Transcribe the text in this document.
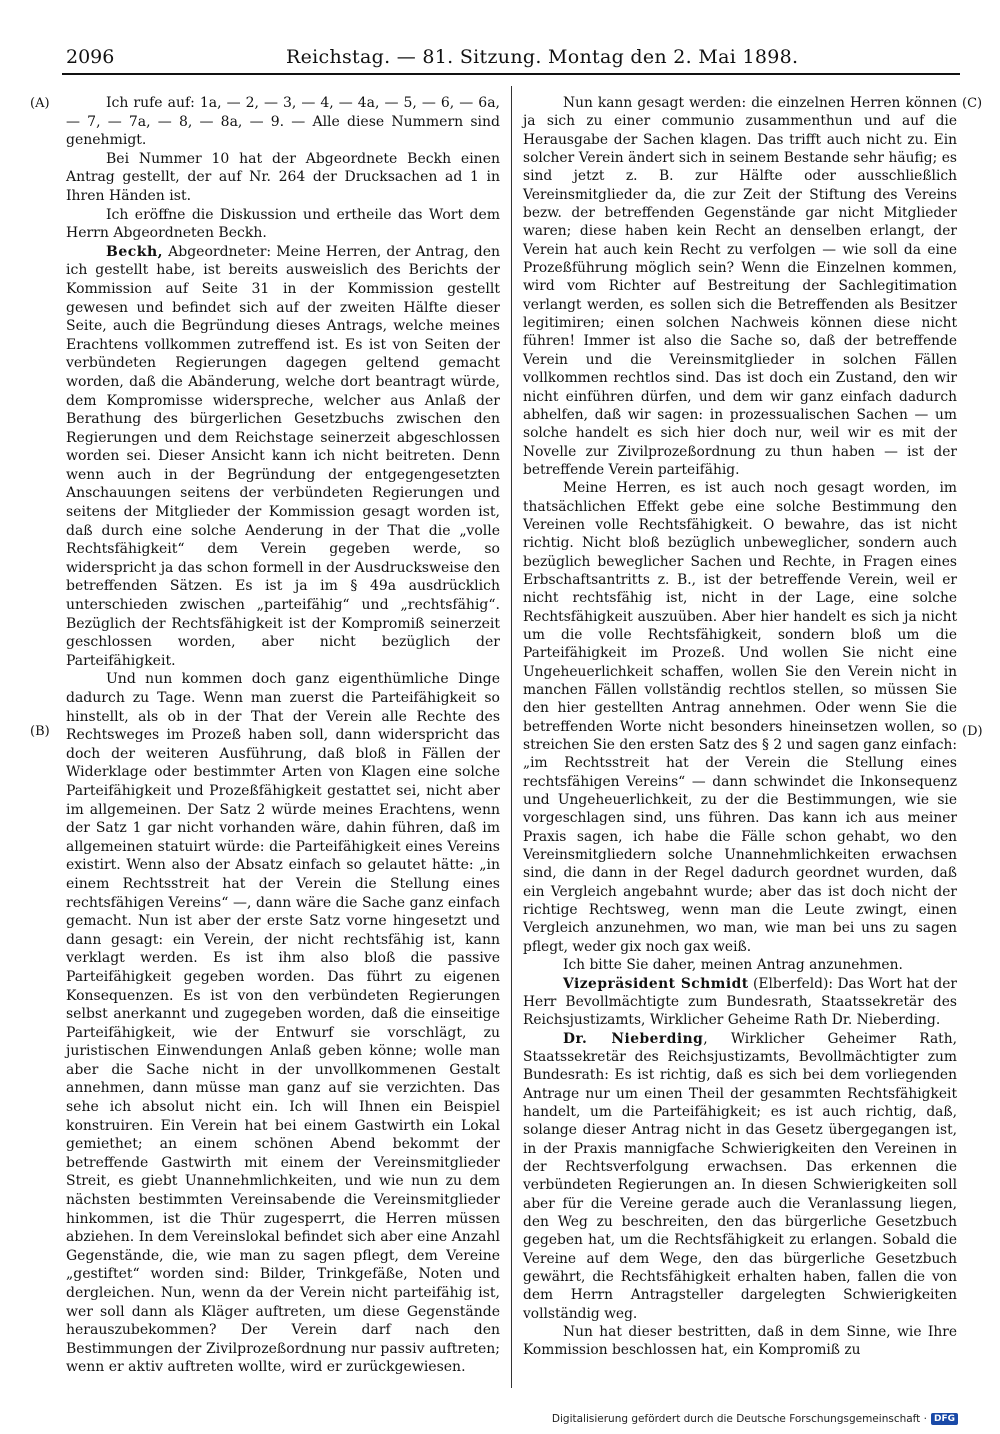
2096	Reichstag. — 81. Sitzung. Montag den 2. Mai 1898.
(A)
(B)
(C)
(D)

Ich rufe auf: 1a, — 2, — 3, — 4, — 4a, — 5, — 6, — 6a, — 7, — 7a, — 8, — 8a, — 9. — Alle diese Nummern sind genehmigt.

Bei Nummer 10 hat der Abgeordnete Beckh einen Antrag gestellt, der auf Nr. 264 der Drucksachen ad 1 in Ihren Händen ist.

Ich eröffne die Diskussion und ertheile das Wort dem Herrn Abgeordneten Beckh.

Beckh, Abgeordneter: Meine Herren, der Antrag, den ich gestellt habe, ist bereits ausweislich des Berichts der Kommission auf Seite 31 in der Kommission gestellt gewesen und befindet sich auf der zweiten Hälfte dieser Seite, auch die Begründung dieses Antrags, welche meines Erachtens vollkommen zutreffend ist. Es ist von Seiten der verbündeten Regierungen dagegen geltend gemacht worden, daß die Abänderung, welche dort beantragt würde, dem Kompromisse widerspreche, welcher aus Anlaß der Berathung des bürgerlichen Gesetzbuchs zwischen den Regierungen und dem Reichstage seinerzeit abgeschlossen worden sei. Dieser Ansicht kann ich nicht beitreten. Denn wenn auch in der Begründung der entgegengesetzten Anschauungen seitens der verbündeten Regierungen und seitens der Mitglieder der Kommission gesagt worden ist, daß durch eine solche Aenderung in der That die „volle Rechtsfähigkeit“ dem Verein gegeben werde, so widerspricht ja das schon formell in der Ausdrucksweise den betreffenden Sätzen. Es ist ja im § 49a ausdrücklich unterschieden zwischen „parteifähig“ und „rechtsfähig“. Bezüglich der Rechtsfähigkeit ist der Kompromiß seinerzeit geschlossen worden, aber nicht bezüglich der Parteifähigkeit.

Und nun kommen doch ganz eigenthümliche Dinge dadurch zu Tage. Wenn man zuerst die Parteifähigkeit so hinstellt, als ob in der That der Verein alle Rechte des Rechtsweges im Prozeß haben soll, dann widerspricht das doch der weiteren Ausführung, daß bloß in Fällen der Widerklage oder bestimmter Arten von Klagen eine solche Parteifähigkeit und Prozeßfähigkeit gestattet sei, nicht aber im allgemeinen. Der Satz 2 würde meines Erachtens, wenn der Satz 1 gar nicht vorhanden wäre, dahin führen, daß im allgemeinen statuirt würde: die Parteifähigkeit eines Vereins existirt. Wenn also der Absatz einfach so gelautet hätte: „in einem Rechtsstreit hat der Verein die Stellung eines rechtsfähigen Vereins“ —, dann wäre die Sache ganz einfach gemacht. Nun ist aber der erste Satz vorne hingesetzt und dann gesagt: ein Verein, der nicht rechtsfähig ist, kann verklagt werden. Es ist ihm also bloß die passive Parteifähigkeit gegeben worden. Das führt zu eigenen Konsequenzen. Es ist von den verbündeten Regierungen selbst anerkannt und zugegeben worden, daß die einseitige Parteifähigkeit, wie der Entwurf sie vorschlägt, zu juristischen Einwendungen Anlaß geben könne; wolle man aber die Sache nicht in der unvollkommenen Gestalt annehmen, dann müsse man ganz auf sie verzichten. Das sehe ich absolut nicht ein. Ich will Ihnen ein Beispiel konstruiren. Ein Verein hat bei einem Gastwirth ein Lokal gemiethet; an einem schönen Abend bekommt der betreffende Gastwirth mit einem der Vereinsmitglieder Streit, es giebt Unannehmlichkeiten, und wie nun zu dem nächsten bestimmten Vereinsabende die Vereinsmitglieder hinkommen, ist die Thür zugesperrt, die Herren müssen abziehen. In dem Vereinslokal befindet sich aber eine Anzahl Gegenstände, die, wie man zu sagen pflegt, dem Vereine „gestiftet“ worden sind: Bilder, Trinkgefäße, Noten und dergleichen. Nun, wenn da der Verein nicht parteifähig ist, wer soll dann als Kläger auftreten, um diese Gegenstände herauszubekommen? Der Verein darf nach den Bestimmungen der Zivilprozeßordnung nur passiv auftreten; wenn er aktiv auftreten wollte, wird er zurückgewiesen.

Nun kann gesagt werden: die einzelnen Herren können ja sich zu einer communio zusammenthun und auf die Herausgabe der Sachen klagen. Das trifft auch nicht zu. Ein solcher Verein ändert sich in seinem Bestande sehr häufig; es sind jetzt z. B. zur Hälfte oder ausschließlich Vereinsmitglieder da, die zur Zeit der Stiftung des Vereins bezw. der betreffenden Gegenstände gar nicht Mitglieder waren; diese haben kein Recht an denselben erlangt, der Verein hat auch kein Recht zu verfolgen — wie soll da eine Prozeßführung möglich sein? Wenn die Einzelnen kommen, wird vom Richter auf Bestreitung der Sachlegitimation verlangt werden, es sollen sich die Betreffenden als Besitzer legitimiren; einen solchen Nachweis können diese nicht führen! Immer ist also die Sache so, daß der betreffende Verein und die Vereinsmitglieder in solchen Fällen vollkommen rechtlos sind. Das ist doch ein Zustand, den wir nicht einführen dürfen, und dem wir ganz einfach dadurch abhelfen, daß wir sagen: in prozessualischen Sachen — um solche handelt es sich hier doch nur, weil wir es mit der Novelle zur Zivilprozeßordnung zu thun haben — ist der betreffende Verein parteifähig.

Meine Herren, es ist auch noch gesagt worden, im thatsächlichen Effekt gebe eine solche Bestimmung den Vereinen volle Rechtsfähigkeit. O bewahre, das ist nicht richtig. Nicht bloß bezüglich unbeweglicher, sondern auch bezüglich beweglicher Sachen und Rechte, in Fragen eines Erbschaftsantritts z. B., ist der betreffende Verein, weil er nicht rechtsfähig ist, nicht in der Lage, eine solche Rechtsfähigkeit auszuüben. Aber hier handelt es sich ja nicht um die volle Rechtsfähigkeit, sondern bloß um die Parteifähigkeit im Prozeß. Und wollen Sie nicht eine Ungeheuerlichkeit schaffen, wollen Sie den Verein nicht in manchen Fällen vollständig rechtlos stellen, so müssen Sie den hier gestellten Antrag annehmen. Oder wenn Sie die betreffenden Worte nicht besonders hineinsetzen wollen, so streichen Sie den ersten Satz des § 2 und sagen ganz einfach: „im Rechtsstreit hat der Verein die Stellung eines rechtsfähigen Vereins“ — dann schwindet die Inkonsequenz und Ungeheuerlichkeit, zu der die Bestimmungen, wie sie vorgeschlagen sind, uns führen. Das kann ich aus meiner Praxis sagen, ich habe die Fälle schon gehabt, wo den Vereinsmitgliedern solche Unannehmlichkeiten erwachsen sind, die dann in der Regel dadurch geordnet wurden, daß ein Vergleich angebahnt wurde; aber das ist doch nicht der richtige Rechtsweg, wenn man die Leute zwingt, einen Vergleich anzunehmen, wo man, wie man bei uns zu sagen pflegt, weder gix noch gax weiß.

Ich bitte Sie daher, meinen Antrag anzunehmen.

Vizepräsident Schmidt (Elberfeld): Das Wort hat der Herr Bevollmächtigte zum Bundesrath, Staatssekretär des Reichsjustizamts, Wirklicher Geheime Rath Dr. Nieberding.

Dr. Nieberding, Wirklicher Geheimer Rath, Staatssekretär des Reichsjustizamts, Bevollmächtigter zum Bundesrath: Es ist richtig, daß es sich bei dem vorliegenden Antrage nur um einen Theil der gesammten Rechtsfähigkeit handelt, um die Parteifähigkeit; es ist auch richtig, daß, solange dieser Antrag nicht in das Gesetz übergegangen ist, in der Praxis mannigfache Schwierigkeiten den Vereinen in der Rechtsverfolgung erwachsen. Das erkennen die verbündeten Regierungen an. In diesen Schwierigkeiten soll aber für die Vereine gerade auch die Veranlassung liegen, den Weg zu beschreiten, den das bürgerliche Gesetzbuch gegeben hat, um die Rechtsfähigkeit zu erlangen. Sobald die Vereine auf dem Wege, den das bürgerliche Gesetzbuch gewährt, die Rechtsfähigkeit erhalten haben, fallen die von dem Herrn Antragsteller dargelegten Schwierigkeiten vollständig weg.

Nun hat dieser bestritten, daß in dem Sinne, wie Ihre Kommission beschlossen hat, ein Kompromiß zu

Digitalisierung gefördert durch die Deutsche Forschungsgemeinschaft · DFG
